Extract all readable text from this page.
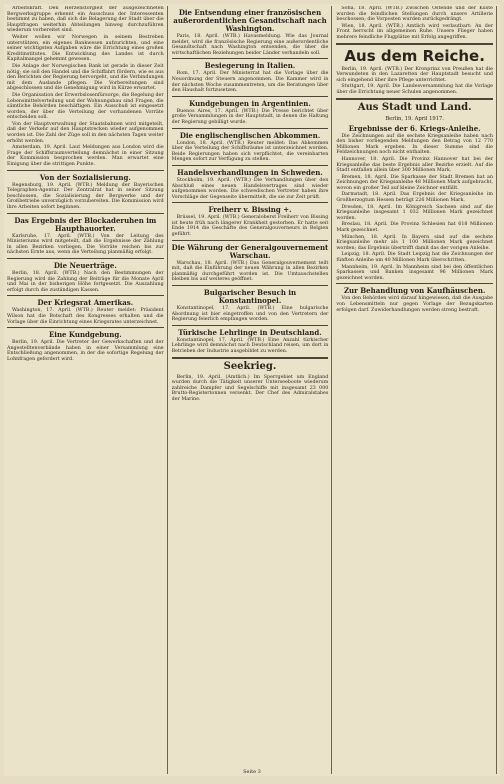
Arbeitskraft. Den Herzenstörgleit der ausgezeichneten Bergwerksgruppe erkennt ein Ausschuss der Interessenten bestimmt zu haben, daß sich die Belagerung der Stadt über die Hauptfragen weiterhin Abteilungen hinweg durchzuführen wiederum vorbereitet sind.
Weiter wollen wir Norwegen in seinem Bestreben unterstützen, ein eigenes Bankwesen aufzurichten, und eine seiner wichtigsten Aufgaben wäre die Errichtung eines großen Kreditinstitutes. Die Entwicklung des Landes ist durch Kapitalmangel gehemmt gewesen.
Die Anlage der Norwegischen Bank ist gerade in dieser Zeit nötig; sie soll den Handel und die Schiffahrt fördern, wie es aus den Berichten der Regierung hervorgeht, und die Verbindungen mit dem Auslande pflegen. Die Vorbereitungen sind abgeschlossen und die Genehmigung wird in Kürze erwartet.
Die Organisation der Erwerbslosenfürsorge, die Regelung der Lebensmittelverteilung und der Wohnungsbau sind Fragen, die sämtliche Behörden beschäftigen. Ein Ausschuß ist eingesetzt worden, der über die Verteilung der vorhandenen Vorräte entscheiden soll.
Von der Hauptverwaltung der Staatsbahnen wird mitgeteilt, daß der Verkehr auf den Hauptstrecken wieder aufgenommen worden ist. Die Zahl der Züge soll in den nächsten Tagen weiter erhöht werden.
Amsterdam, 19. April. Laut Meldungen aus London wird die Frage der Schiffsraumverteilung demnächst in einer Sitzung der Kommission besprochen werden. Man erwartet eine Einigung über die strittigen Punkte.
Von der Sozialisierung.
Regensburg, 19. April. (WTB.) Meldung der Bayerischen Telegraphen-Agentur. Der Zentralrat hat in seiner Sitzung beschlossen, die Sozialisierung der Bergwerke und der Großbetriebe unverzüglich vorzubereiten. Die Kommission wird ihre Arbeiten sofort beginnen.
Das Ergebnis der Blockaderuhen im Haupthauorter.
Karlsruhe, 17. April. (WTB.) Von der Leitung des Ministeriums wird mitgeteilt, daß die Ergebnisse der Zählung in allen Bezirken vorliegen. Die Vorräte reichen bis zur nächsten Ernte aus, wenn die Verteilung planmäßig erfolgt.
Die Neuerträge.
Berlin, 18. April. (WTB.) Nach den Bestimmungen der Regierung wird die Zahlung der Beiträge für die Monate April und Mai in der bisherigen Höhe fortgesetzt. Die Auszahlung erfolgt durch die zuständigen Kassen.
Der Kriegsrat Amerikas.
Washington, 17. April. (WTB.) Reuter meldet: Präsident Wilson hat die Botschaft des Kongresses erhalten und die Vorlage über die Einrichtung eines Kriegsrates unterzeichnet.
Eine Kundgebung.
Berlin, 19. April. Die Vertreter der Gewerkschaften und der Angestelltenverbände haben in einer Versammlung eine Entschließung angenommen, in der die sofortige Regelung der Lohnfragen gefordert wird.
Die Entsendung einer französischen außerordentlichen Gesandtschaft nach Washington.
Paris, 18. April. (WTB.) Havasmeldung. Wie das Journal meldet, wird die französische Regierung eine außerordentliche Gesandtschaft nach Washington entsenden, die über die wirtschaftlichen Beziehungen beider Länder verhandeln soll.
Besiegerung in Italien.
Rom, 17. April. Der Ministerrat hat die Vorlage über die Neuordnung der Steuern angenommen. Die Kammer wird in der nächsten Woche zusammentreten, um die Beratungen über den Haushalt fortzusetzen.
Kundgebungen in Argentinien.
Buenos Aires, 17. April. (WTB.) Die Presse berichtet über große Versammlungen in der Hauptstadt, in denen die Haltung der Regierung gebilligt wurde.
Die englischenglischen Abkommen.
London, 18. April. (WTB.) Reuter meldet: Das Abkommen über die Verteilung der Schiffsräume ist unterzeichnet worden. Beide Regierungen haben sich verpflichtet, die vereinbarten Mengen sofort zur Verfügung zu stellen.
Handelsverhandlungen in Schweden.
Stockholm, 19. April. (WTB.) Die Verhandlungen über den Abschluß eines neuen Handelsvertrages sind wieder aufgenommen worden. Die schwedischen Vertreter haben ihre Vorschläge der Gegenseite übermittelt, die sie zur Zeit prüft.
Freiherr v. Bissing +.
Brüssel, 19. April. (WTB.) Generaloberst Freiherr von Bissing ist heute früh nach längerer Krankheit gestorben. Er hatte seit Ende 1914 die Geschäfte des Generalgouverneurs in Belgien geführt.
Die Währung der Generalgouvernement Warschau.
Warschau, 18. April. (WTB.) Das Generalgouvernement teilt mit, daß die Einführung der neuen Währung in allen Bezirken planmäßig durchgeführt worden ist. Die Umtauschstellen bleiben bis auf weiteres geöffnet.
Bulgarischer Besuch in Konstantinopel.
Konstantinopel, 17. April. (WTB.) Eine bulgarische Abordnung ist hier eingetroffen und von den Vertretern der Regierung feierlich empfangen worden.
Türkische Lehrlinge in Deutschland.
Konstantinopel, 17. April. (WTB.) Eine Anzahl türkischer Lehrlinge wird demnächst nach Deutschland reisen, um dort in Betrieben der Industrie ausgebildet zu werden.
Seekrieg.
Berlin, 19. April. (Amtlich.) Im Sperrgebiet um England wurden durch die Tätigkeit unserer Unterseeboote wiederum zahlreiche Dampfer und Segelschiffe mit insgesamt 23 000 Brutto-Registertonnen versenkt. Der Chef des Admiralstabes der Marine.
Sofia, 18. April. (WTB.) Zwischen Ostende und der Küste wurden die feindlichen Stellungen durch unsere Artillerie beschossen; die Vorposten wurden zurückgedrängt.
Wien, 18. April. (WTB.) Amtlich wird verlautbart: An der Front herrscht im allgemeinen Ruhe. Unsere Flieger haben mehrere feindliche Flugplätze mit Erfolg angegriffen.
Aus dem Reiche.
Berlin, 19. April. (WTB.) Der Kronprinz von Preußen hat die Verwundeten in den Lazaretten der Hauptstadt besucht und sich eingehend über ihre Pflege unterrichtet.
Stuttgart, 19. April. Die Landesversammlung hat die Vorlage über die Errichtung neuer Schulen angenommen.
Aus Stadt und Land.
Berlin, 19. April 1917.
Ergebnisse der 6. Kriegs-Anleihe.
Die Zeichnungen auf die sechste Kriegsanleihe haben nach den bisher vorliegenden Meldungen den Betrag von 12 770 Millionen Mark ergeben. In dieser Summe sind die Feldzeichnungen noch nicht enthalten.
Hannover, 18. April. Die Provinz Hannover hat bei der Kriegsanleihe das beste Ergebnis aller Bezirke erzielt. Auf die Stadt entfallen allein über 300 Millionen Mark.
Bremen, 18. April. Die Sparkasse der Stadt Bremen hat an Zeichnungen der Kriegsanleihe 48 Millionen Mark aufgebracht, wovon ein großer Teil auf kleine Zeichner entfällt.
Darmstadt, 18. April. Das Ergebnis der Kriegsanleihe im Großherzogtum Hessen beträgt 226 Millionen Mark.
Dresden, 18. April. Im Königreich Sachsen sind auf die Kriegsanleihe insgesamt 1 032 Millionen Mark gezeichnet worden.
Breslau, 18. April. Die Provinz Schlesien hat 618 Millionen Mark gezeichnet.
München, 18. April. In Bayern sind auf die sechste Kriegsanleihe mehr als 1 100 Millionen Mark gezeichnet worden; das Ergebnis übertrifft damit das der vorigen Anleihe.
Leipzig, 18. April. Die Stadt Leipzig hat die Zeichnungen der fünften Anleihe um 40 Millionen Mark überschritten.
Mannheim, 19. April. In Mannheim sind bei den öffentlichen Sparkassen und Banken insgesamt 96 Millionen Mark gezeichnet worden.
Zur Behandlung von Kaufhäuschen.
Von den Behörden wird darauf hingewiesen, daß die Ausgabe von Lebensmitteln nur gegen Vorlage der Bezugskarten erfolgen darf. Zuwiderhandlungen werden streng bestraft.
Seite 3
